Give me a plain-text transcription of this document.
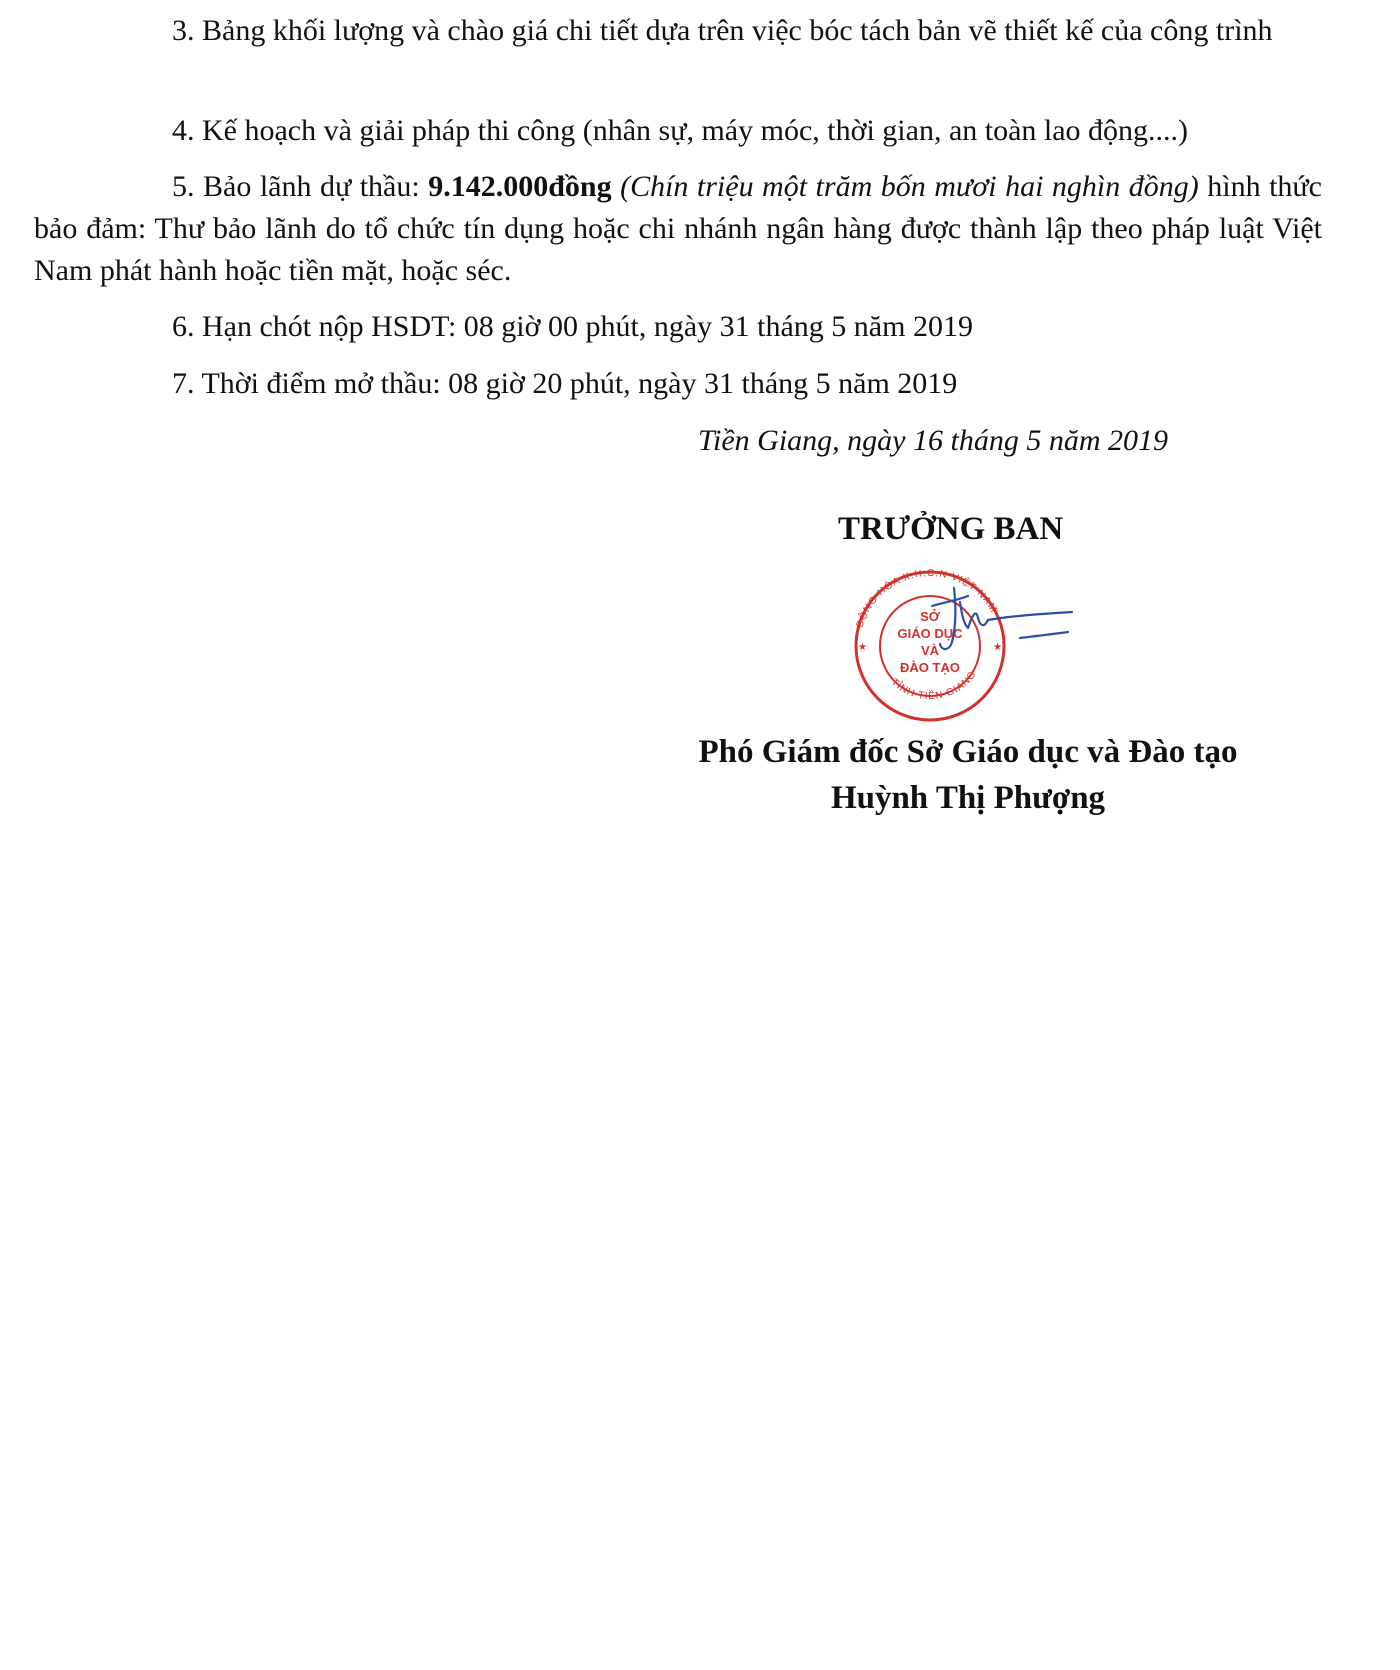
3. Bảng khối lượng và chào giá chi tiết dựa trên việc bóc tách bản vẽ thiết kế của công trình

4. Kế hoạch và giải pháp thi công (nhân sự, máy móc, thời gian, an toàn lao động....)

5. Bảo lãnh dự thầu: 9.142.000đồng (Chín triệu một trăm bốn mươi hai nghìn đồng) hình thức bảo đảm: Thư bảo lãnh do tổ chức tín dụng hoặc chi nhánh ngân hàng được thành lập theo pháp luật Việt Nam phát hành hoặc tiền mặt, hoặc séc.

6. Hạn chót nộp HSDT: 08 giờ 00 phút, ngày 31 tháng 5 năm 2019

7. Thời điểm mở thầu: 08 giờ 20 phút, ngày 31 tháng 5 năm 2019

Tiền Giang, ngày 16 tháng 5 năm 2019
TRƯỞNG BAN
CỘNG HÒA X.H.C.N VIỆT NAM
TỈNH TIỀN GIANG
★	★
SỞ
GIÁO DỤC
VÀ
ĐÀO TẠO
Phó Giám đốc Sở Giáo dục và Đào tạo
Huỳnh Thị Phượng
